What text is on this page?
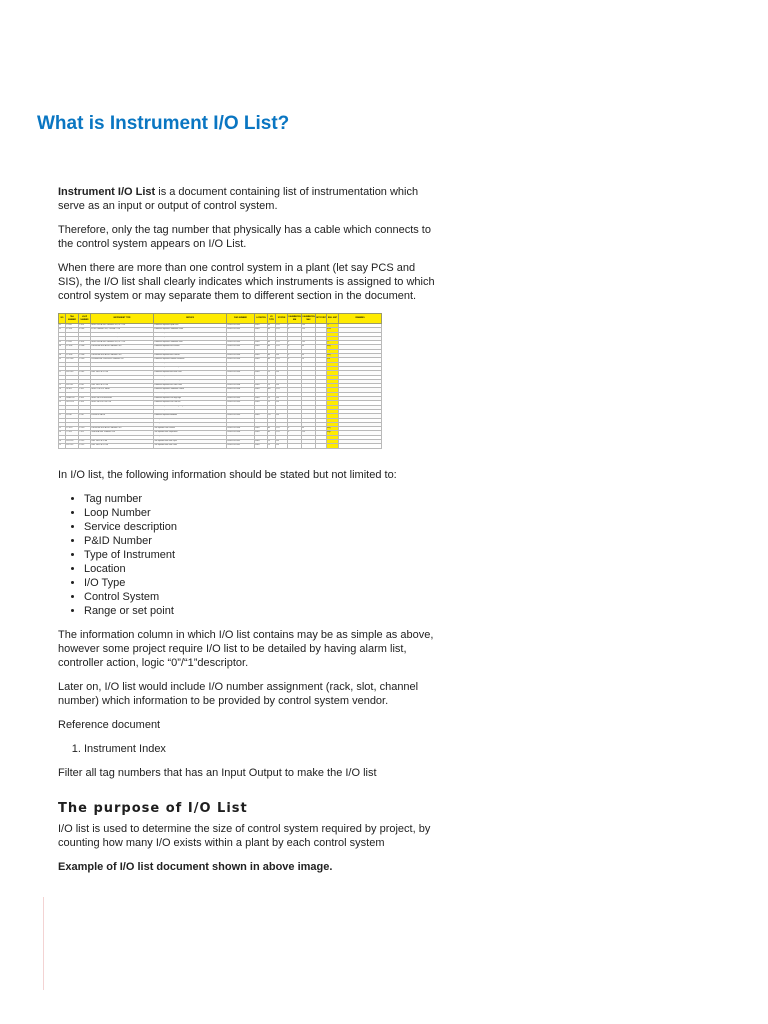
What is Instrument I/O List?

Instrument I/O List is a document containing list of instrumentation which serve as an input or output of control system.

Therefore, only the tag number that physically has a cable which connects to the control system appears on I/O List.

When there are more than one control system in a plant (let say PCS and SIS), the I/O list shall clearly indicates which instruments is assigned to which control system or may separate them to different section in the document.

NO	TAG NUMBER	LOOP NUMBER	INSTRUMENT TYPE	SERVICE	P&ID NUMBER	LOCATION	I/O TYPE	SYSTEM	CALIBRATION MIN	CALIBRATION MAX	SET POINT	ENG. UNIT	REMARKS
01	LT-1101	L-1101	LEVEL INDICATING TRANSMITTER, DP TYPE	Production Separator Liquid Level	P&ID-PR-01-0001	FIELD	AI	PCS	0	100		%	
02	FT-1102	F-1102	FLOW TRANSMITTER, TURBINE TYPE	Production Separator Condensate Outlet	P&ID-PR-01-0001	FIELD	AI	PCS	0	250		m3/h	
03	LT-1103	L-1103	LEVEL INDICATING TRANSMITTER, MAGNETOSTRICTIVE	Production Separator Oil Level Interface	P&ID-PR-01-0001	FIELD	AI	PCS	0	100		%	
04	LT-1104	L-1104	LEVEL INDICATING TRANSMITTER, MAGNETOSTRICTIVE	Production Separator Oil Level	P&ID-PR-01-0002	FIELD	AI	PCS	0	100		%	
05	LT-1105	L-1105	LEVEL INDICATING TRANSMITTER, DP TYPE	Production Separator Condensate Level	P&ID-PR-01-0002	FIELD	AI	PCS	0	100		%	
06	PT-1106	P-1106	PRESSURE INDICATING TRANSMITTER	Production Separator Gas Pressure	P&ID-PR-01-0002	FIELD	AI	PCS	0	60		barg	
07	TT-1107	T-1107	TEMPERATURE TRANSMITTER	Production Separator Gas Outlet	P&ID-PR-01-0002	FIELD	AI	PCS	0	150		degC	
08	PT-1108	P-1108	PRESSURE INDICATING TRANSMITTER	Production Separator Inlet Pressure	P&ID-PR-01-0003	FIELD	AI	SIS	0	60		barg	
09	PDT-1109	P-1109	DIFFERENTIAL PRESSURE TRANSMITTER	Production Separator Demister Differential	P&ID-PR-01-0003	FIELD	AI	PCS	0	50		kPa	
10	XV-1110	X-1110	SHUTDOWN VALVE	Production Separator Inlet Shutdown Valve	P&ID-PR-01-0003	FIELD	DO	SIS					
11	ZSO-1110	X-1110	LIMIT SWITCH OPEN	Production Separator Inlet Valve Open	P&ID-PR-01-0003	FIELD	DI	SIS					
12	ZSC-1110	X-1110	LIMIT SWITCH CLOSE	Production Separator Inlet Valve Close	P&ID-PR-01-0003	FIELD	DI	SIS					
13	SDV-1111	S-1111	SHUTDOWN VALVE	Production Separator Gas Outlet	P&ID-PR-01-0004	FIELD	DO	SIS					
14	ZSO-1111	S-1111	LIMIT SWITCH OPEN	Production Separator Gas Outlet Open	P&ID-PR-01-0004	FIELD	DI	SIS					
15	ZSC-1111	S-1111	LIMIT SWITCH CLOSE	Production Separator Gas Outlet Close	P&ID-PR-01-0004	FIELD	DI	SIS					
16	LV-1112	L-1112	LEVEL CONTROL VALVE	Production Separator Condensate Control	P&ID-PR-01-0004	FIELD	AO	PCS					
17	ZT-1112	L-1112	POSITION TRANSMITTER	Production Separator Condensate Valve	P&ID-PR-01-0004	FIELD	AI	PCS	0	100		%	
18	LSHH-1113	L-1113	LEVEL SWITCH HIGH HIGH	Production Separator Level High High	P&ID-PR-01-0005	FIELD	DI	SIS					
19	LSLL-1114	L-1114	LEVEL SWITCH LOW LOW	Production Separator Level Low Low	P&ID-PR-01-0005	FIELD	DI	SIS					
20	PSHH-1115	P-1115	PRESSURE SWITCH HIGH HIGH	Production Separator Pressure High High	P&ID-PR-01-0005	FIELD	DI	SIS					
21	PSLL-1116	P-1116	PRESSURE SWITCH LOW LOW	Production Separator Pressure Low Low	P&ID-PR-01-0005	FIELD	DI	SIS					
22	XV-1117	X-1117	SOLENOID VALVE	Production Separator Blowdown	P&ID-PR-01-0005	FIELD	DO	SIS					
23	FT-1118	F-1118	FLOW TRANSMITTER, ULTRASONIC TYPE	Test Separator Gas Outlet Flow	P&ID-PR-01-0006	FIELD	AI	PCS	0	500		m3/h	
24	LT-1119	L-1119	LEVEL INDICATING TRANSMITTER, MAGNETOSTRICTIVE	Test Separator Oil Level	P&ID-PR-01-0006	FIELD	AI	PCS	0	100		%	
25	PT-1120	P-1120	PRESSURE INDICATING TRANSMITTER	Test Separator Gas Pressure	P&ID-PR-01-0006	FIELD	AI	PCS	0	60		barg	
26	TT-1121	T-1121	TEMPERATURE TRANSMITTER	Test Separator Inlet Temperature	P&ID-PR-01-0006	FIELD	AI	PCS	0	150		degC	
27	XV-1122	X-1122	SHUTDOWN VALVE	Test Separator Inlet Shutdown	P&ID-PR-01-0007	FIELD	DO	SIS					
28	ZSO-1122	X-1122	LIMIT SWITCH OPEN	Test Separator Inlet Valve Open	P&ID-PR-01-0007	FIELD	DI	SIS					
29	ZSC-1122	X-1122	LIMIT SWITCH CLOSE	Test Separator Inlet Valve Close	P&ID-PR-01-0007	FIELD	DI	SIS					

In I/O list, the following information should be stated but not limited to:

• Tag number
• Loop Number
• Service description
• P&ID Number
• Type of Instrument
• Location
• I/O Type
• Control System
• Range or set point

The information column in which I/O list contains may be as simple as above, however some project require I/O list to be detailed by having alarm list, controller action, logic “0”/“1”descriptor.

Later on, I/O list would include I/O number assignment (rack, slot, channel number) which information to be provided by control system vendor.

Reference document

1. Instrument Index

Filter all tag numbers that has an Input Output to make the I/O list

The purpose of I/O List

I/O list is used to determine the size of control system required by project, by counting how many I/O exists within a plant by each control system

Example of I/O list document shown in above image.
